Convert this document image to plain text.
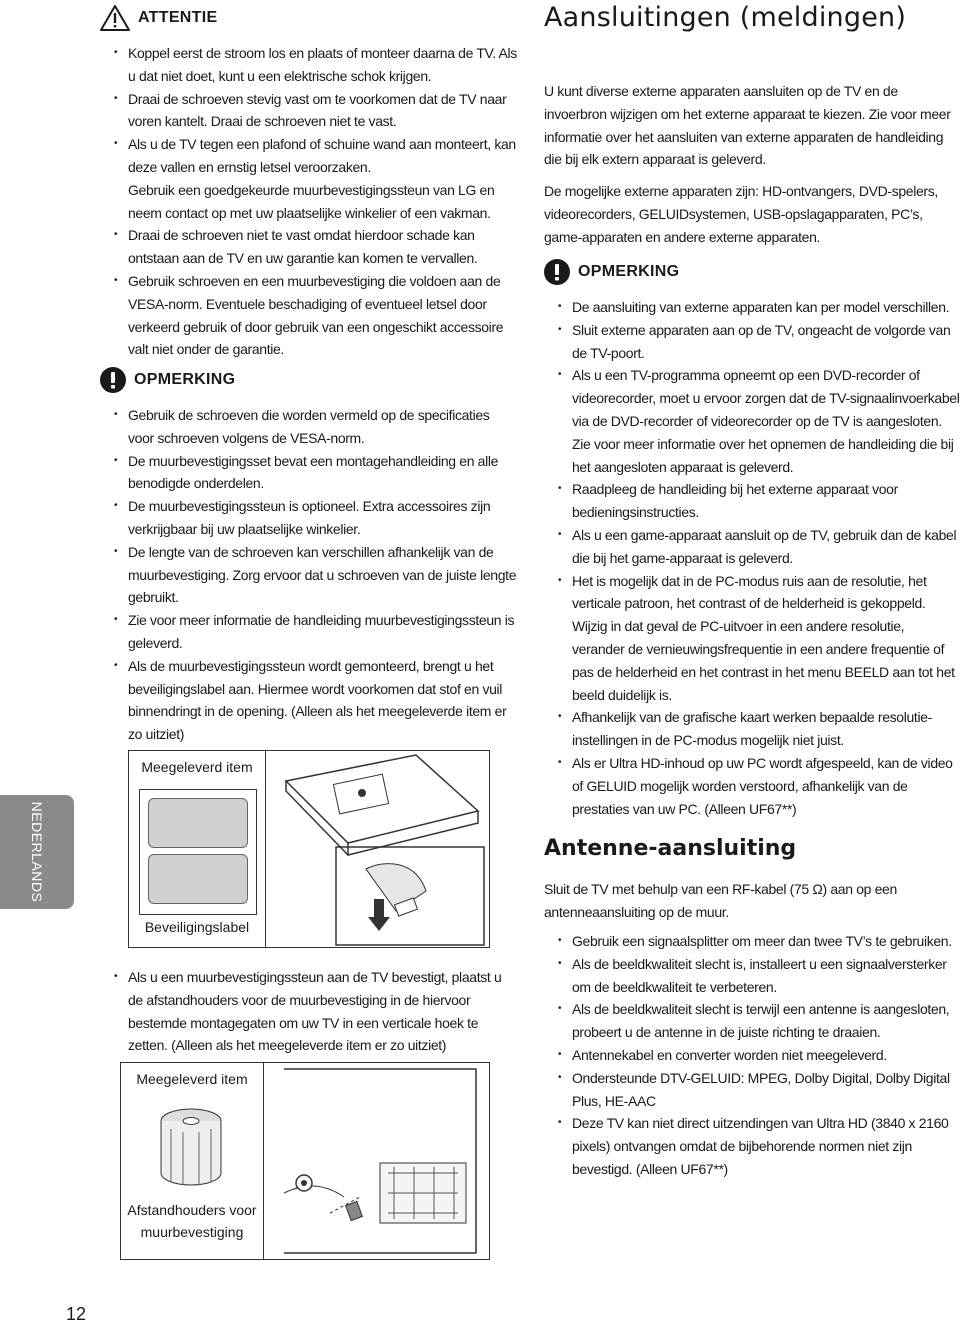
ATTENTIE
• Koppel eerst de stroom los en plaats of monteer daarna de TV. Als u dat niet doet, kunt u een elektrische schok krijgen.
• Draai de schroeven stevig vast om te voorkomen dat de TV naar voren kantelt. Draai de schroeven niet te vast.
• Als u de TV tegen een plafond of schuine wand aan monteert, kan deze vallen en ernstig letsel veroorzaken.
Gebruik een goedgekeurde muurbevestigingssteun van LG en neem contact op met uw plaatselijke winkelier of een vakman.
• Draai de schroeven niet te vast omdat hierdoor schade kan ontstaan aan de TV en uw garantie kan komen te vervallen.
• Gebruik schroeven en een muurbevestiging die voldoen aan de VESA-norm. Eventuele beschadiging of eventueel letsel door verkeerd gebruik of door gebruik van een ongeschikt accessoire valt niet onder de garantie.
OPMERKING
• Gebruik de schroeven die worden vermeld op de specificaties voor schroeven volgens de VESA-norm.
• De muurbevestigingsset bevat een montagehandleiding en alle benodigde onderdelen.
• De muurbevestigingssteun is optioneel. Extra accessoires zijn verkrijgbaar bij uw plaatselijke winkelier.
• De lengte van de schroeven kan verschillen afhankelijk van de muurbevestiging. Zorg ervoor dat u schroeven van de juiste lengte gebruikt.
• Zie voor meer informatie de handleiding muurbevestigingssteun is geleverd.
• Als de muurbevestigingssteun wordt gemonteerd, brengt u het beveiligingslabel aan. Hiermee wordt voorkomen dat stof en vuil binnendringt in de opening. (Alleen als het meegeleverde item er zo uitziet)
Meegeleverd item
Beveiligingslabel
• Als u een muurbevestigingssteun aan de TV bevestigt, plaatst u de afstandhouders voor de muurbevestiging in de hiervoor bestemde montagegaten om uw TV in een verticale hoek te zetten. (Alleen als het meegeleverde item er zo uitziet)
Meegeleverd item
Afstandhouders voor
muurbevestiging
Aansluitingen (meldingen)

U kunt diverse externe apparaten aansluiten op de TV en de invoerbron wijzigen om het externe apparaat te kiezen. Zie voor meer informatie over het aansluiten van externe apparaten de handleiding die bij elk extern apparaat is geleverd.

De mogelijke externe apparaten zijn: HD-ontvangers, DVD-spelers, videorecorders, GELUIDsystemen, USB-opslagapparaten, PC’s, game-apparaten en andere externe apparaten.

OPMERKING
• De aansluiting van externe apparaten kan per model verschillen.
• Sluit externe apparaten aan op de TV, ongeacht de volgorde van de TV-poort.
• Als u een TV-programma opneemt op een DVD-recorder of videorecorder, moet u ervoor zorgen dat de TV-signaalinvoerkabel via de DVD-recorder of videorecorder op de TV is aangesloten. Zie voor meer informatie over het opnemen de handleiding die bij het aangesloten apparaat is geleverd.
• Raadpleeg de handleiding bij het externe apparaat voor bedieningsinstructies.
• Als u een game-apparaat aansluit op de TV, gebruik dan de kabel die bij het game-apparaat is geleverd.
• Het is mogelijk dat in de PC-modus ruis aan de resolutie, het verticale patroon, het contrast of de helderheid is gekoppeld. Wijzig in dat geval de PC-uitvoer in een andere resolutie, verander de vernieuwingsfrequentie in een andere frequentie of pas de helderheid en het contrast in het menu BEELD aan tot het beeld duidelijk is.
• Afhankelijk van de grafische kaart werken bepaalde resolutie-instellingen in de PC-modus mogelijk niet juist.
• Als er Ultra HD-inhoud op uw PC wordt afgespeeld, kan de video of GELUID mogelijk worden verstoord, afhankelijk van de prestaties van uw PC. (Alleen UF67**)
Antenne-aansluiting

Sluit de TV met behulp van een RF-kabel (75 Ω) aan op een antenneaansluiting op de muur.

• Gebruik een signaalsplitter om meer dan twee TV’s te gebruiken.
• Als de beeldkwaliteit slecht is, installeert u een signaalversterker om de beeldkwaliteit te verbeteren.
• Als de beeldkwaliteit slecht is terwijl een antenne is aangesloten, probeert u de antenne in de juiste richting te draaien.
• Antennekabel en converter worden niet meegeleverd.
• Ondersteunde DTV-GELUID: MPEG, Dolby Digital, Dolby Digital Plus, HE-AAC
• Deze TV kan niet direct uitzendingen van Ultra HD (3840 x 2160 pixels) ontvangen omdat de bijbehorende normen niet zijn bevestigd. (Alleen UF67**)
NEDERLANDS
12
